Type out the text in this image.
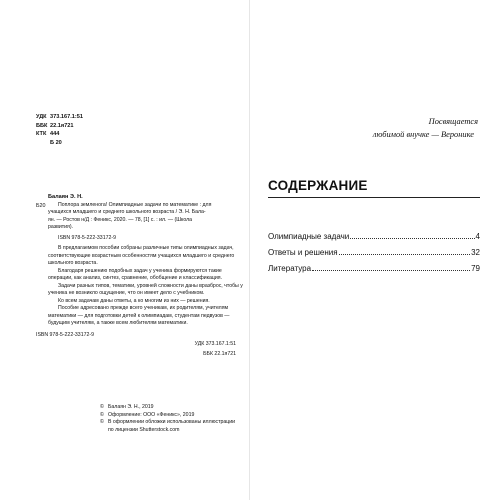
УДК 373.167.1:51
ББК 22.1я721
КТК 444
Б 20
Балаян Э. Н.
Б20	Поплора земленога! Олимпиадные задачи по математике : для

учащихся младшего и среднего школьного возраста / Э. Н. Бала-

ян. — Ростов н/Д : Феникс, 2020. — 78, [1] с. : ил. — (Школа

развития).

ISBN 978-5-222-33172-9

В предлагаемом пособии собраны различные типы олимпиадных задач, соответствующие возрастным особенностям учащихся младшего и среднего школьного возраста.

Благодаря решению подобных задач у ученика формируются такие операции, как анализ, синтез, сравнение, обобщение и классификация.

Задачи разных типов, тематики, уровней сложности даны вразброс, чтобы у ученика не возникло ощущение, что он имеет дело с учебником.

Ко всем задачам даны ответы, а ко многим из них — решения.

Пособие адресовано прежде всего ученикам, их родителям, учителям математики — для подготовки детей к олимпиадам, студентам педвузов — будущим учителям, а также всем любителям математики.

ISBN 978-5-222-33172-9

УДК 373.167.1:51

ББК 22.1я721

© Балаян Э. Н., 2019
© Оформление: ООО «Феникс», 2019
© В оформлении обложки использованы иллюстрации по лицензии Shutterstock.com
Посвящается
любимой внучке — Веронике
СОДЕРЖАНИЕ
Олимпиадные задачи	4
Ответы и решения	32
Литература	79
